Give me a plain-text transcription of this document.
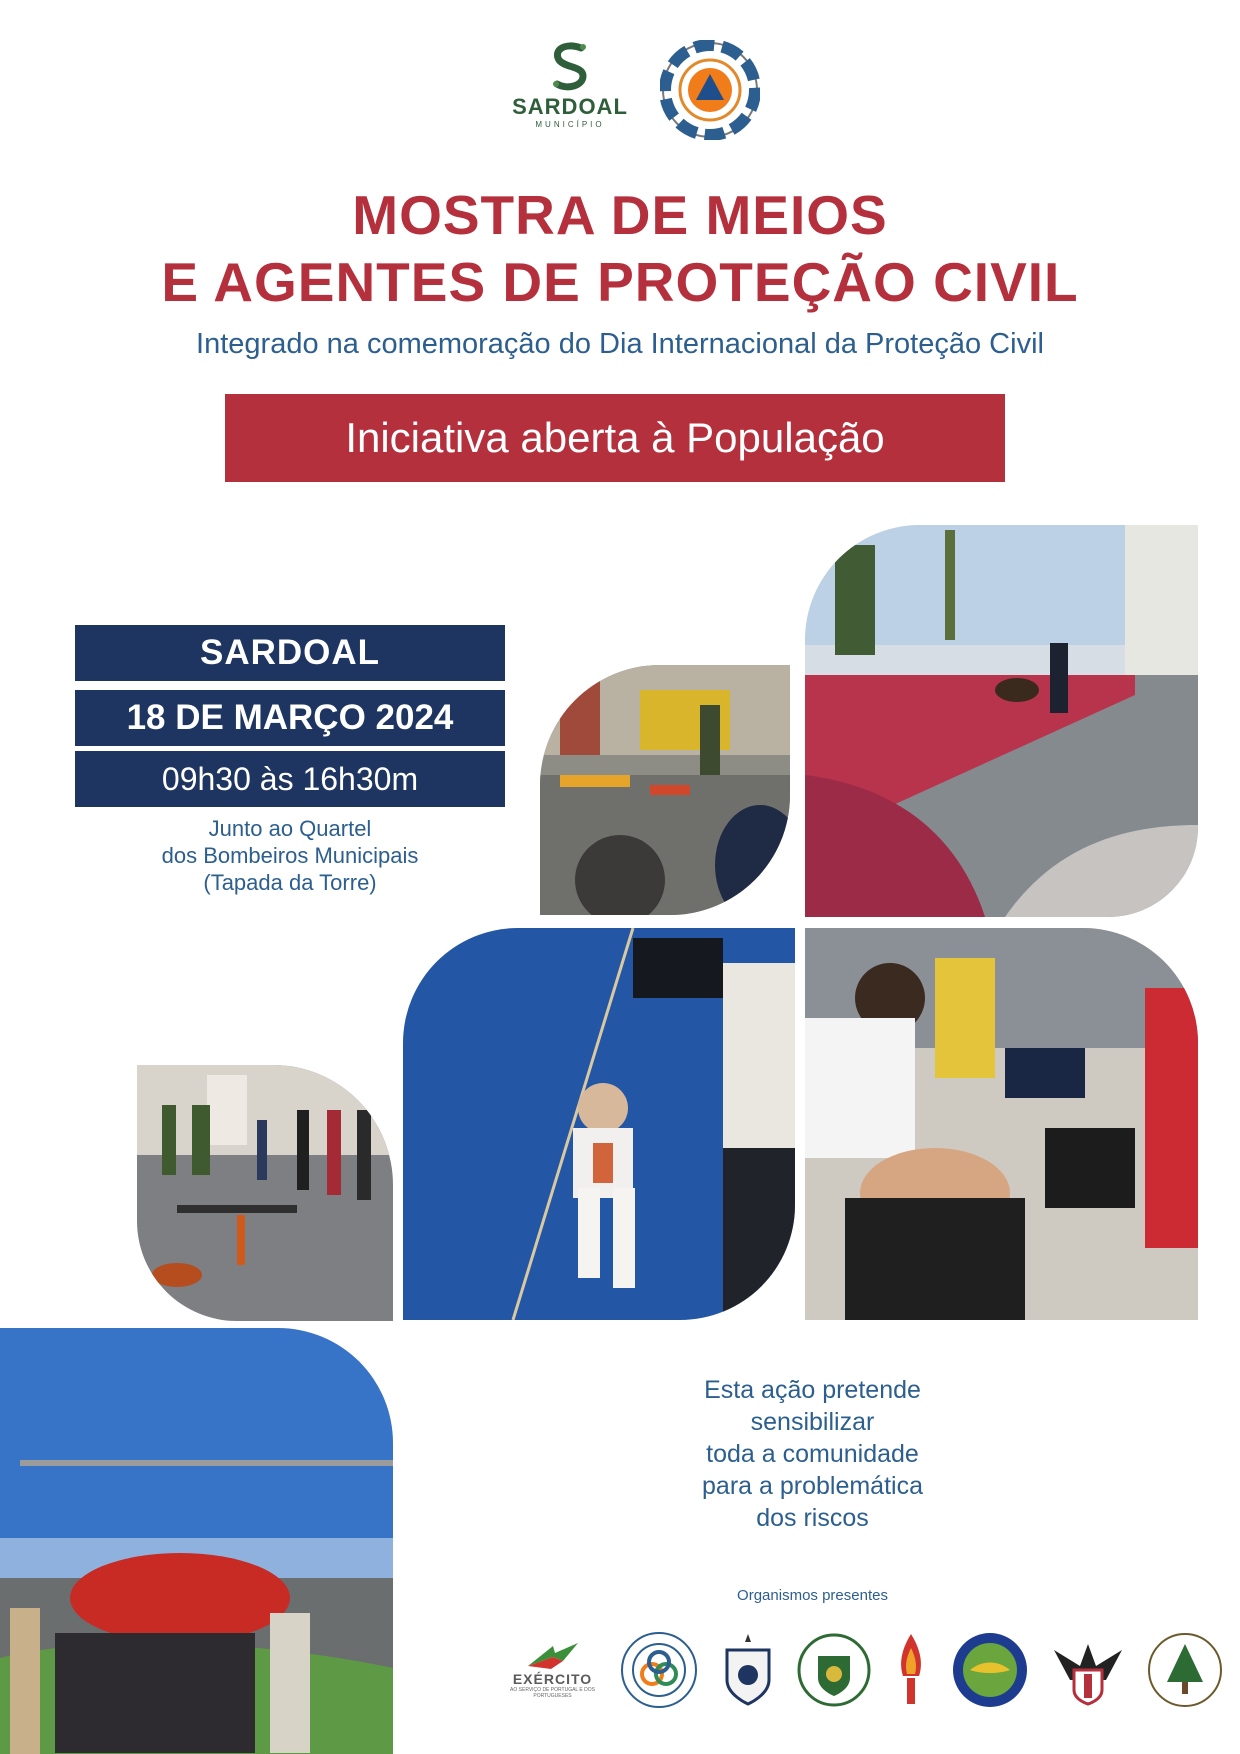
SARDOAL
MUNICÍPIO
MOSTRA DE MEIOS
E AGENTES DE PROTEÇÃO CIVIL
Integrado na comemoração do Dia Internacional da Proteção Civil
Iniciativa aberta à População
SARDOAL
18 DE MARÇO 2024
09h30 às 16h30m
Junto ao Quartel
dos Bombeiros Municipais
(Tapada da Torre)
Esta ação pretende
sensibilizar
toda a comunidade
para a problemática
dos riscos
Organismos presentes
EXÉRCITO
AO SERVIÇO DE PORTUGAL E DOS PORTUGUESES
